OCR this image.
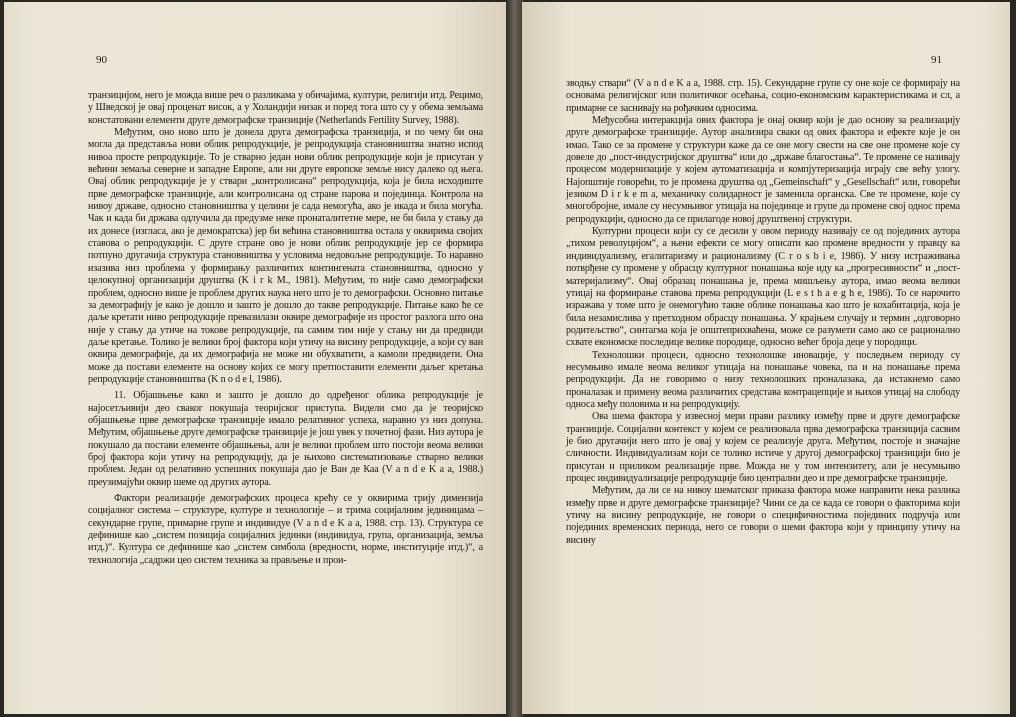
90

транзицијом, него је можда више реч о разликама у обичајима, култури, религији итд. Рецимо, у Шведској је овај проценат висок, а у Холандији низак и поред тога што су у обема земљама констатовани елементи друге демографске транзиције (Netherlands Fertility Survey, 1988).

Међутим, оно ново што је донела друга демографска транзиција, и по чему би она могла да представља нови облик репродукције, је репродукција становништва знатно испод нивоа просте репродукције. То је стварно један нови облик репродукције који је присутан у већини земаља северне и западне Европе, али ни друге европске земље нису далеко од њега. Овај облик репродукције је у ствари „контролисана“ репродукција, која је била исходиште прве демографске транзиције, али контролисана од стране парова и појединца. Контрола на нивоу државе, односно становништва у целини је сада немогућа, ако је икада и била могућа. Чак и када би држава одлучила да предузме неке пронаталитетне мере, не би била у стању да их донесе (изгласа, ако је демократска) јер би већина становништва остала у оквирима својих ставова о репродукцији. С друге стране ово је нови облик репродукције јер се формира потпуно другачија структура становништва у условима недовољне репродукције. То наравно изазива низ проблема у формирању различитих контингената становништва, односно у целокупној организацији друштва (K i r k M., 1981). Међутим, то није само демографски проблем, односно више је проблем других наука него што је то демографски. Основно питање за демографију је како је дошло и зашто је дошло до такве репродукције. Питање како ће се даље кретати ниво репродукције превазилази оквире демографије из простог разлога што она није у стању да утиче на токове репродукције, па самим тим није у стању ни да предвиди даље кретање. Толико је велики број фактора који утичу на висину репродукције, а који су ван оквира демографије, да их демографија не може ни обухватити, а камоли предвидети. Она може да постави елементе на основу којих се могу претпоставити елементи даљег кретања репродукције становништва (K n o d e l, 1986).

11. Објашњење како и зашто је дошло до одређеног облика репродукције је најосетљивији део сваког покушаја теоријског приступа. Видели смо да је теоријско објашњење прве демографске транзиције имало релативног успеха, наравно уз низ допуна. Међутим, објашњење друге демографске транзиције је још увек у почетној фази. Низ аутора је покушало да постави елементе објашњења, али је велики проблем што постоји веома велики број фактора који утичу на репродукцију, да је њихово систематизовање стварно велики проблем. Један од релативно успешних покушаја дао је Ван де Каа (V a n d e K a a, 1988.) преузимајући оквир шеме од других аутора.

Фактори реализације демографских процеса крећу се у оквирима трију димензија социјалног система – структуре, културе и технологије – и трима социјалним јединицама – секундарне групе, примарне групе и индивидуе (V a n d e K a a, 1988. стр. 13). Структура се дефинише као „систем позиција социјалних јединки (индивидуа, група, организација, земља итд.)“. Култура се дефинише као „систем симбола (вредности, норме, институције итд.)“, а технологија „садржи цео систем техника за прављење и прои-

91

зводњу ствари“ (V a n d e K a a, 1988. стр. 15). Секундарне групе су оне које се формирају на основама религијског или политичког осећања, социо-економским карактеристикама и сл, а примарне се заснивају на рођачким односима.

Међусобна интеракција ових фактора је онај оквир који је дао основу за реализацију друге демографске транзиције. Аутор анализира сваки од ових фактора и ефекте које је он имао. Тако се за промене у структури каже да се оне могу свести на све оне промене које су довеле до „пост-индустријског друштва“ или до „државе благостања“. Те промене се називају процесом модернизације у којем аутоматизација и компјутеризација играју све већу улогу. Најопштије говорећи, то је промена друштва од „Gemeinschaft“ у „Gesellschaft“ или, говорећи језиком D i r k e m a, механичку солидарност је заменила органска. Све те промене, које су многобројне, имале су несумњивог утицаја на појединце и групе да промене свој однос према репродукцији, односно да се прилагоде новој друштвеној структури.

Културни процеси који су се десили у овом периоду називају се од појединих аутора „тихом револуцијом“, а њени ефекти се могу описати као промене вредности у правцу ка индивидуализму, егалитаризму и рационализму (C r o s b i e, 1986). У низу истраживања потврђене су промене у обрасцу културног понашања које иду ка „прогресивности“ и „пост-материјализму“. Овај образац понашања је, према мишљењу аутора, имао веома велики утицај на формирање ставова према репродукцији (L e s t h a e g h e, 1986). То се нарочито изражава у томе што је онемогућио такве облике понашања као што је кохабитација, која је била незамислива у претходном обрасцу понашања. У крајњем случају и термин „одговорно родитељство“, синтагма која је општеприхваћена, може се разумети само ако се рационално схвате економске последице велике породице, односно већег броја деце у породици.

Технолошки процеси, односно технолошке иновације, у последњем периоду су несумњиво имале веома великог утицаја на понашање човека, па и на понашање према репродукцији. Да не говоримо о низу технолошких проналазака, да истакнемо само проналазак и примену веома различитих средстава контрацепције и њихов утицај на слободу односа међу половима и на репродукцију.

Ова шема фактора у извесној мери прави разлику између прве и друге демографске транзиције. Социјални контекст у којем се реализовала прва демографска транзиција сасвим је био другачији него што је овај у којем се реализује друга. Међутим, постоје и значајне сличности. Индивидуализам који се толико истиче у другој демографској транзицији био је присутан и приликом реализације прве. Можда не у том интензитету, али је несумњиво процес индивидуализације репродукције био централни део и пре демографске транзиције.

Међутим, да ли се на нивоу шематског приказа фактора може направити нека разлика између прве и друге демографске транзиције? Чини се да се када се говори о факторима који утичу на висину репродукције, не говори о специфичностима појединих подручја или појединих временских периода, него се говори о шеми фактора који у принципу утичу на висину
